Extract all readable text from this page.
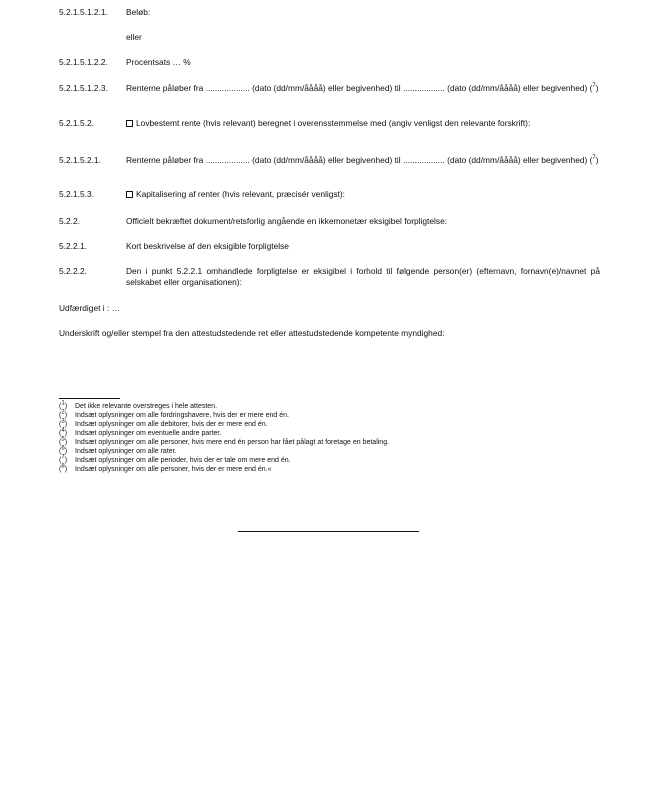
5.2.1.5.1.2.1.	Beløb:
eller
5.2.1.5.1.2.2.	Procentsats … %
5.2.1.5.1.2.3.	Renterne påløber fra ................... (dato (dd/mm/åååå) eller begivenhed) til .................. (dato (dd/mm/åååå) eller begivenhed) ($^7$)
5.2.1.5.2.	Lovbestemt rente (hvis relevant) beregnet i overensstemmelse med (angiv venligst den relevante forskrift):
5.2.1.5.2.1.	Renterne påløber fra ................... (dato (dd/mm/åååå) eller begivenhed) til .................. (dato (dd/mm/åååå) eller begivenhed) ($^7$)
5.2.1.5.3.	Kapitalisering af renter (hvis relevant, præcisér venligst):
5.2.2.	Officielt bekræftet dokument/retsforlig angående en ikkemonetær eksigibel forpligtelse:
5.2.2.1.	Kort beskrivelse af den eksigible forpligtelse
5.2.2.2.	Den i punkt 5.2.2.1 omhandlede forpligtelse er eksigibel i forhold til følgende person(er) (efternavn, fornavn(e)/navnet på selskabet eller organisationen):
Udfærdiget i : …
Underskrift og/eller stempel fra den attestudstedende ret eller attestudstedende kompetente myndighed:
($^1$) Det ikke relevante overstreges i hele attesten.
($^2$) Indsæt oplysninger om alle fordringshavere, hvis der er mere end én.
($^3$) Indsæt oplysninger om alle debitorer, hvis der er mere end én.
($^4$) Indsæt oplysninger om eventuelle andre parter.
($^5$) Indsæt oplysninger om alle personer, hvis mere end én person har fået pålagt at foretage en betaling.
($^6$) Indsæt oplysninger om alle rater.
($^7$) Indsæt oplysninger om alle perioder, hvis der er tale om mere end én.
($^8$) Indsæt oplysninger om alle personer, hvis der er mere end én.«
